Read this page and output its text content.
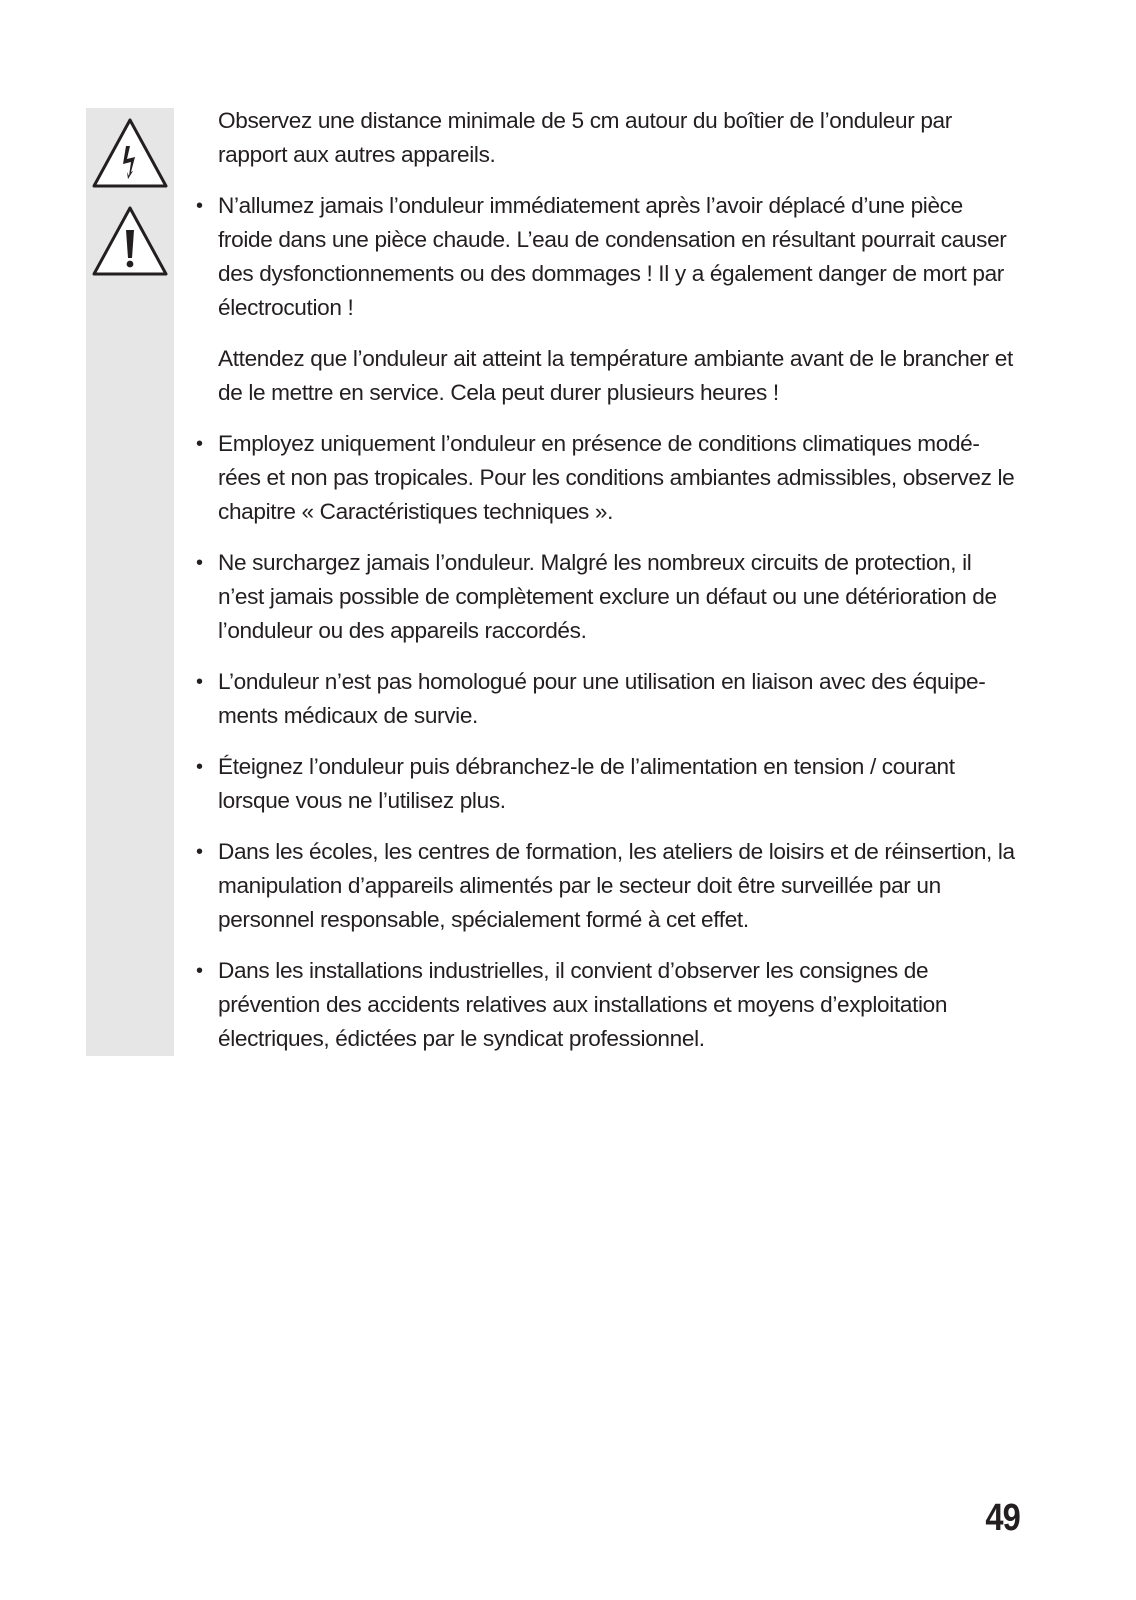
Observez une distance minimale de 5 cm autour du boîtier de l’onduleur par rapport aux autres appareils.

• N’allumez jamais l’onduleur immédiatement après l’avoir déplacé d’une pièce froide dans une pièce chaude. L’eau de condensation en résultant pourrait causer des dysfonctionnements ou des dommages ! Il y a également danger de mort par électrocution !

Attendez que l’onduleur ait atteint la température ambiante avant de le brancher et de le mettre en service. Cela peut durer plusieurs heures !

• Employez uniquement l’onduleur en présence de conditions climatiques modé-rées et non pas tropicales. Pour les conditions ambiantes admissibles, observez le chapitre « Caractéristiques techniques ».

• Ne surchargez jamais l’onduleur. Malgré les nombreux circuits de protection, il n’est jamais possible de complètement exclure un défaut ou une détérioration de l’onduleur ou des appareils raccordés.

• L’onduleur n’est pas homologué pour une utilisation en liaison avec des équipe-ments médicaux de survie.

• Éteignez l’onduleur puis débranchez-le de l’alimentation en tension / courant lorsque vous ne l’utilisez plus.

• Dans les écoles, les centres de formation, les ateliers de loisirs et de réinsertion, la manipulation d’appareils alimentés par le secteur doit être surveillée par un personnel responsable, spécialement formé à cet effet.

• Dans les installations industrielles, il convient d’observer les consignes de prévention des accidents relatives aux installations et moyens d’exploitation électriques, édictées par le syndicat professionnel.

49
